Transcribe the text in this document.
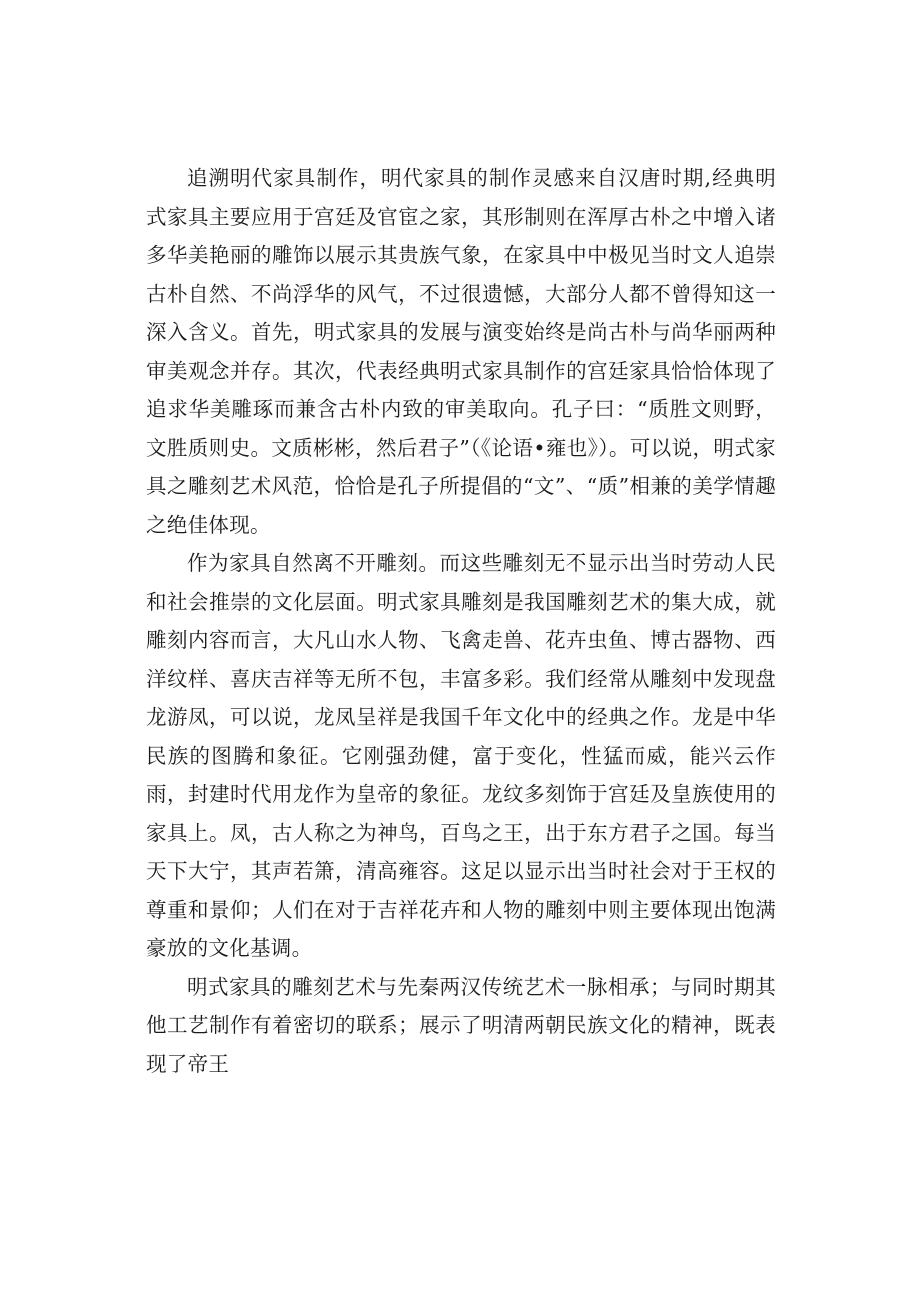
追溯明代家具制作，明代家具的制作灵感来自汉唐时期,经典明式家具主要应用于宫廷及官宦之家，其形制则在浑厚古朴之中增入诸多华美艳丽的雕饰以展示其贵族气象，在家具中中极见当时文人追崇古朴自然、不尚浮华的风气，不过很遗憾，大部分人都不曾得知这一深入含义。首先，明式家具的发展与演变始终是尚古朴与尚华丽两种审美观念并存。其次，代表经典明式家具制作的宫廷家具恰恰体现了追求华美雕琢而兼含古朴内致的审美取向。孔子曰：“质胜文则野，文胜质则史。文质彬彬，然后君子”（《论语•雍也》）。可以说，明式家具之雕刻艺术风范，恰恰是孔子所提倡的“文”、“质”相兼的美学情趣之绝佳体现。

作为家具自然离不开雕刻。而这些雕刻无不显示出当时劳动人民和社会推崇的文化层面。明式家具雕刻是我国雕刻艺术的集大成，就雕刻内容而言，大凡山水人物、飞禽走兽、花卉虫鱼、博古器物、西洋纹样、喜庆吉祥等无所不包，丰富多彩。我们经常从雕刻中发现盘龙游凤，可以说，龙凤呈祥是我国千年文化中的经典之作。龙是中华民族的图腾和象征。它刚强劲健，富于变化，性猛而威，能兴云作雨，封建时代用龙作为皇帝的象征。龙纹多刻饰于宫廷及皇族使用的家具上。凤，古人称之为神鸟，百鸟之王，出于东方君子之国。每当天下大宁，其声若箫，清高雍容。这足以显示出当时社会对于王权的尊重和景仰；人们在对于吉祥花卉和人物的雕刻中则主要体现出饱满豪放的文化基调。

明式家具的雕刻艺术与先秦两汉传统艺术一脉相承；与同时期其他工艺制作有着密切的联系；展示了明清两朝民族文化的精神，既表现了帝王
